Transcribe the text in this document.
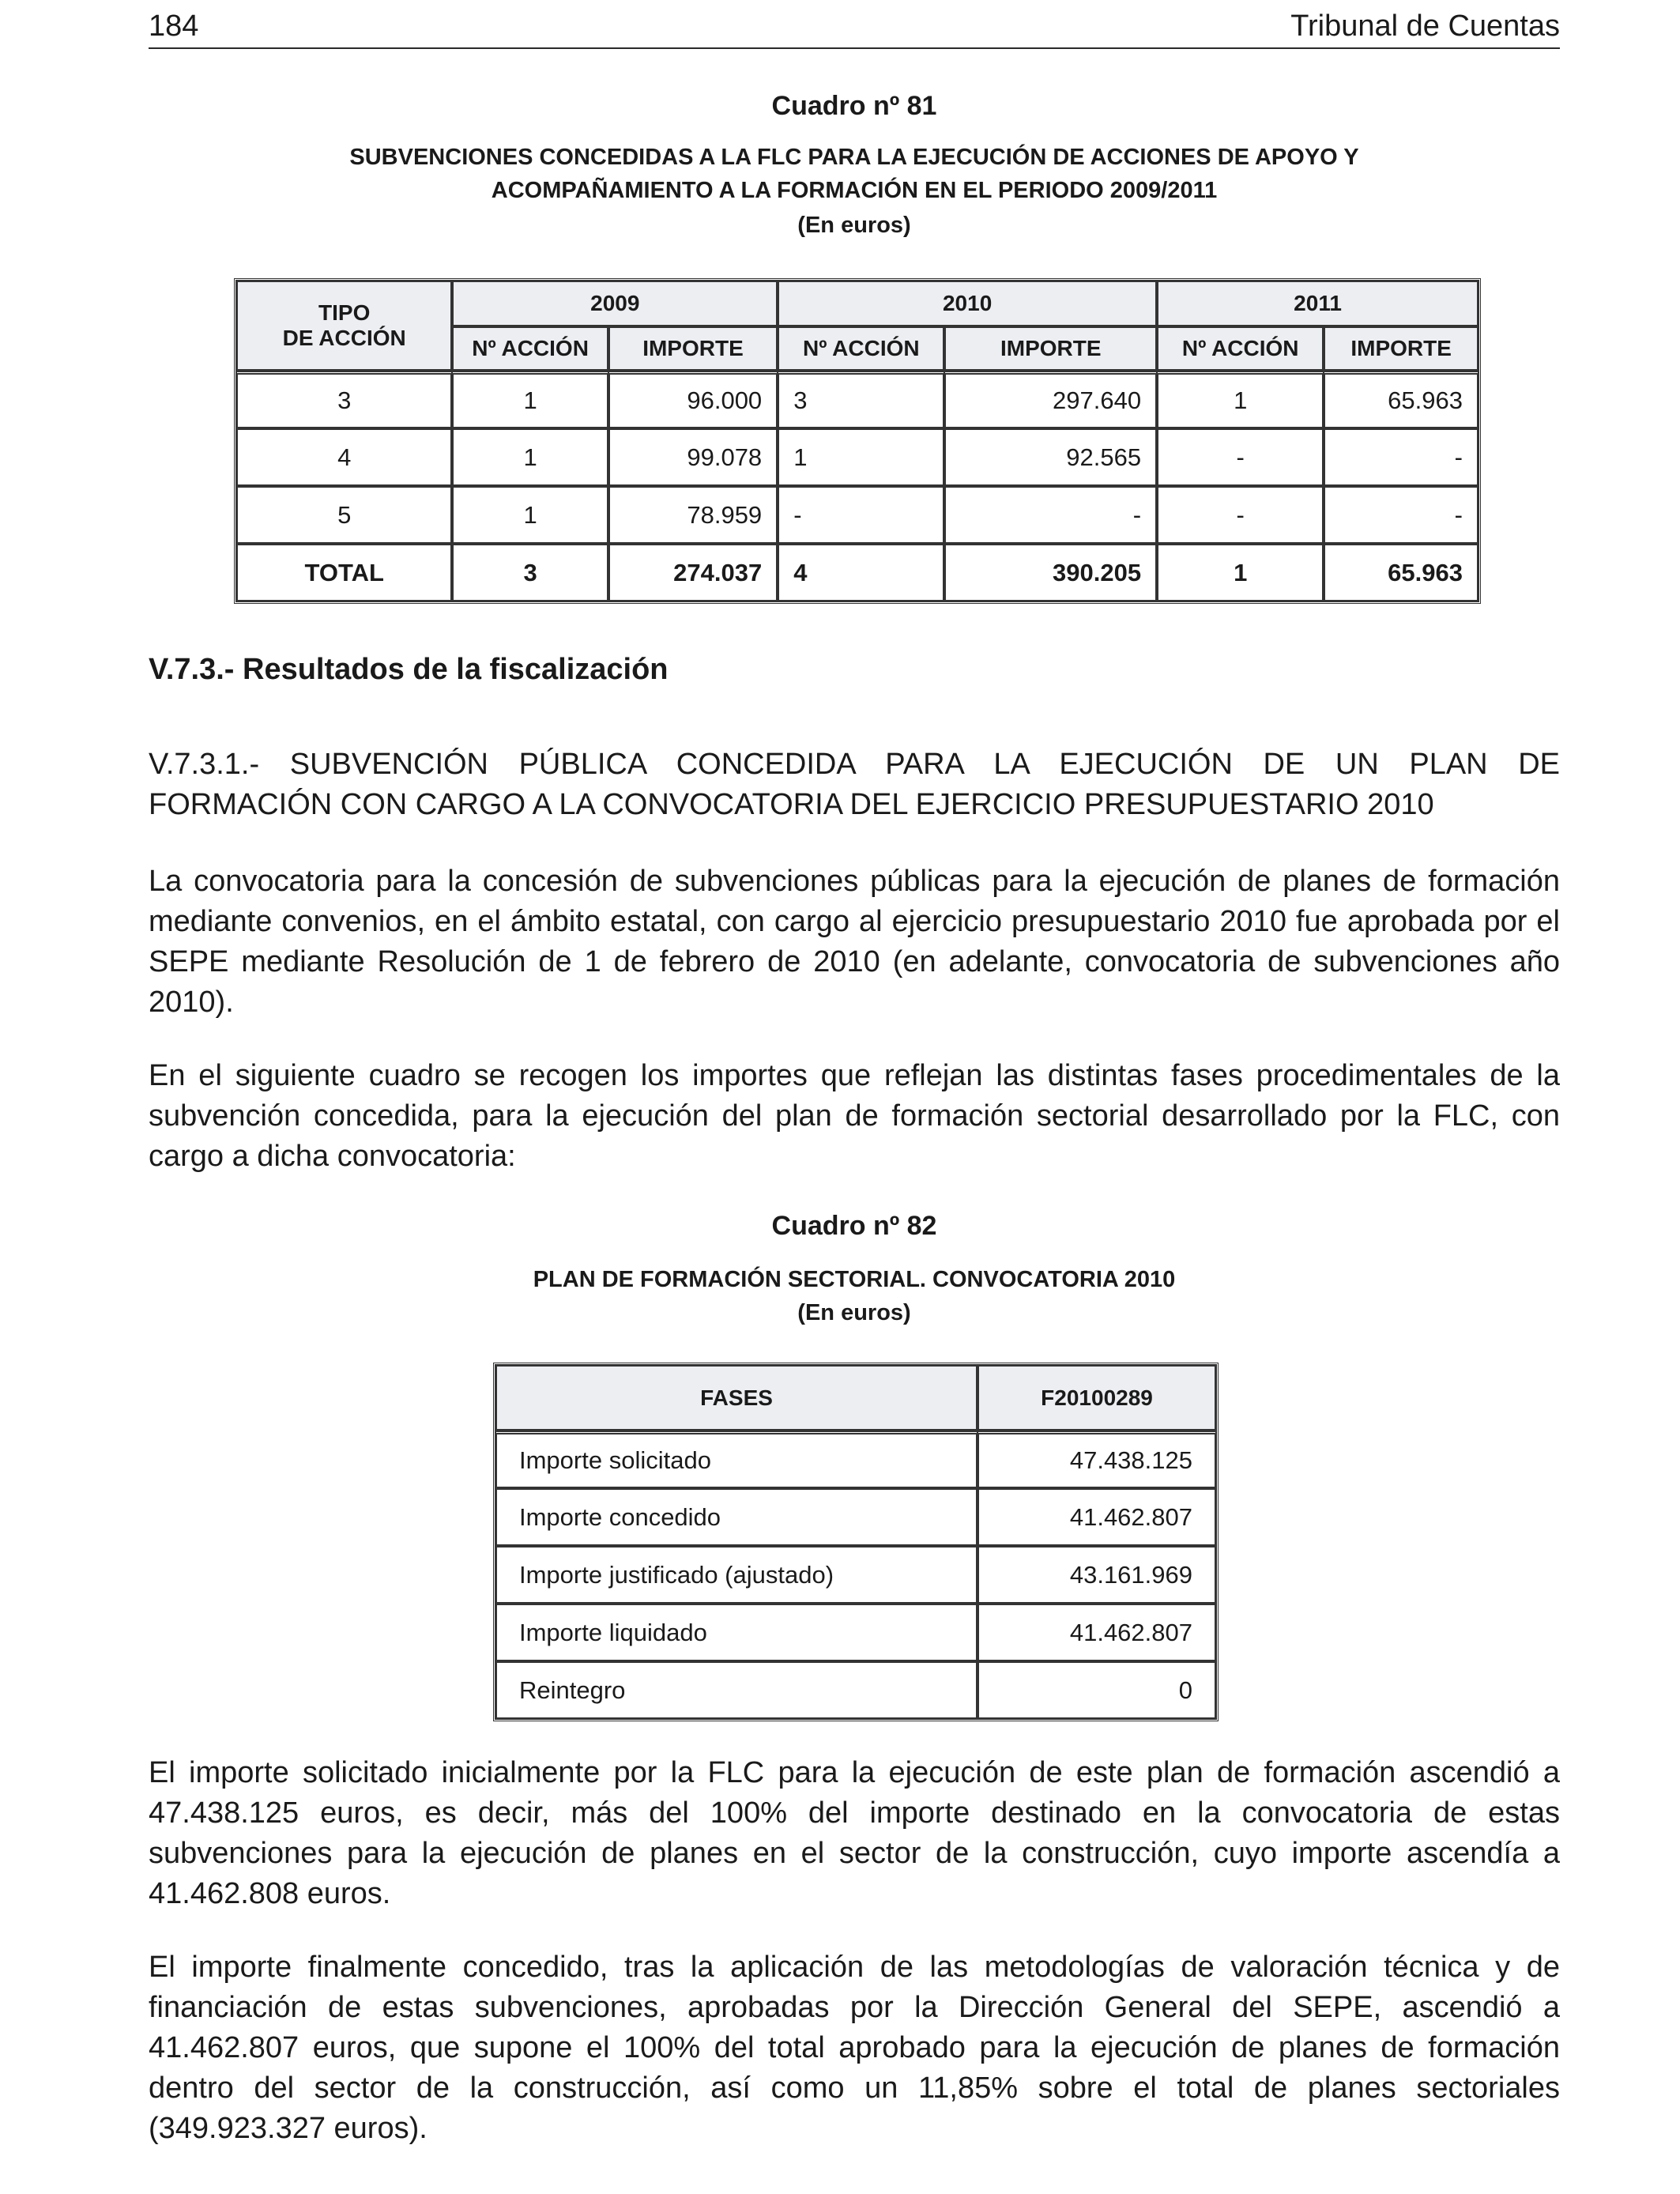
184	Tribunal de Cuentas
Cuadro nº 81
SUBVENCIONES CONCEDIDAS A LA FLC PARA LA EJECUCIÓN DE ACCIONES DE APOYO Y
ACOMPAÑAMIENTO A LA FORMACIÓN EN EL PERIODO 2009/2011
(En euros)
TIPO
DE ACCIÓN	2009		2010		2011	
	Nº ACCIÓN	IMPORTE	Nº ACCIÓN	IMPORTE	Nº ACCIÓN	IMPORTE
3	1	96.000	3	297.640	1	65.963
4	1	99.078	1	92.565	-	-
5	1	78.959	-	-	-	-
TOTAL	3	274.037	4	390.205	1	65.963
V.7.3.- Resultados de la fiscalización
V.7.3.1.- SUBVENCIÓN PÚBLICA CONCEDIDA PARA LA EJECUCIÓN DE UN PLAN DE
FORMACIÓN CON CARGO A LA CONVOCATORIA DEL EJERCICIO PRESUPUESTARIO 2010
La convocatoria para la concesión de subvenciones públicas para la ejecución de planes de formación mediante convenios, en el ámbito estatal, con cargo al ejercicio presupuestario 2010 fue aprobada por el SEPE mediante Resolución de 1 de febrero de 2010 (en adelante, convocatoria de subvenciones año 2010).
En el siguiente cuadro se recogen los importes que reflejan las distintas fases procedimentales de la subvención concedida, para la ejecución del plan de formación sectorial desarrollado por la FLC, con cargo a dicha convocatoria:
Cuadro nº 82
PLAN DE FORMACIÓN SECTORIAL. CONVOCATORIA 2010
(En euros)
FASES	F20100289
Importe solicitado	47.438.125
Importe concedido	41.462.807
Importe justificado (ajustado)	43.161.969
Importe liquidado	41.462.807
Reintegro	0
El importe solicitado inicialmente por la FLC para la ejecución de este plan de formación ascendió a 47.438.125 euros, es decir, más del 100% del importe destinado en la convocatoria de estas subvenciones para la ejecución de planes en el sector de la construcción, cuyo importe ascendía a 41.462.808 euros.
El importe finalmente concedido, tras la aplicación de las metodologías de valoración técnica y de financiación de estas subvenciones, aprobadas por la Dirección General del SEPE, ascendió a 41.462.807 euros, que supone el 100% del total aprobado para la ejecución de planes de formación dentro del sector de la construcción, así como un 11,85% sobre el total de planes sectoriales (349.923.327 euros).
